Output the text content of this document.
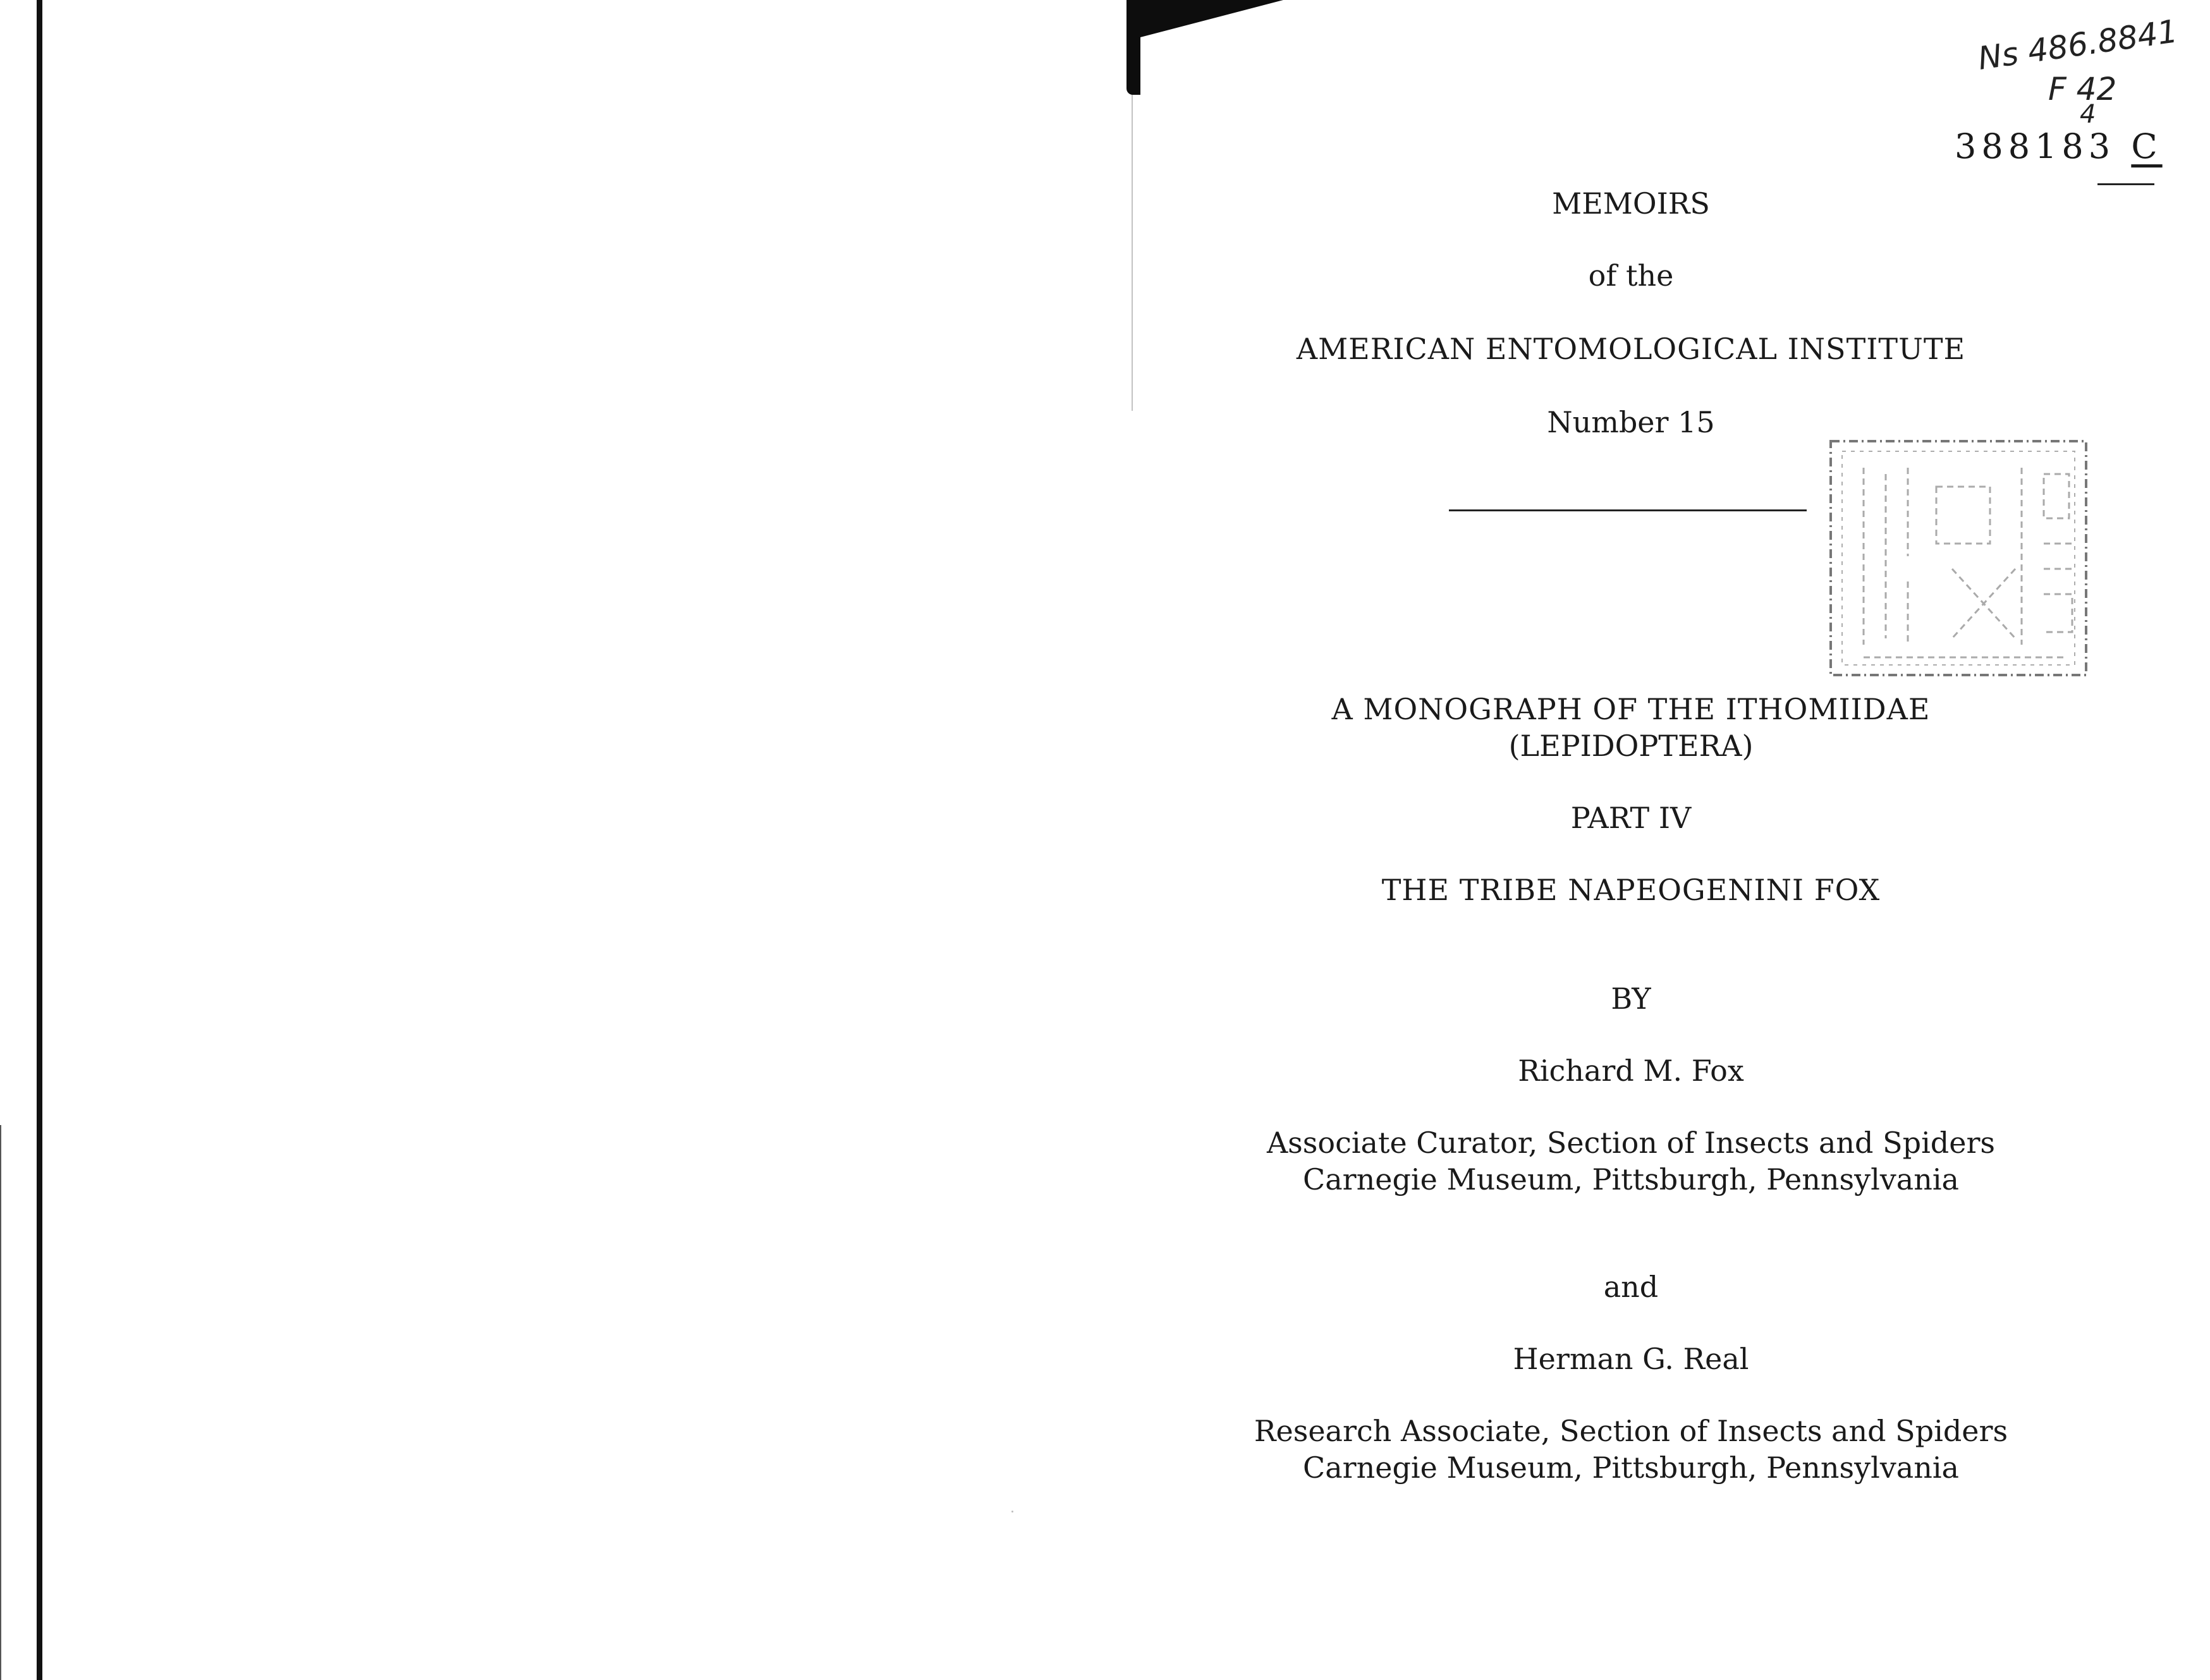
Ns 486.8841
F 42
4
388183 C
MEMOIRS
of the
AMERICAN ENTOMOLOGICAL INSTITUTE
Number 15
A MONOGRAPH OF THE ITHOMIIDAE
(LEPIDOPTERA)
PART IV
THE TRIBE NAPEOGENINI FOX
BY
Richard M. Fox
Associate Curator, Section of Insects and Spiders
Carnegie Museum, Pittsburgh, Pennsylvania
and
Herman G. Real
Research Associate, Section of Insects and Spiders
Carnegie Museum, Pittsburgh, Pennsylvania
